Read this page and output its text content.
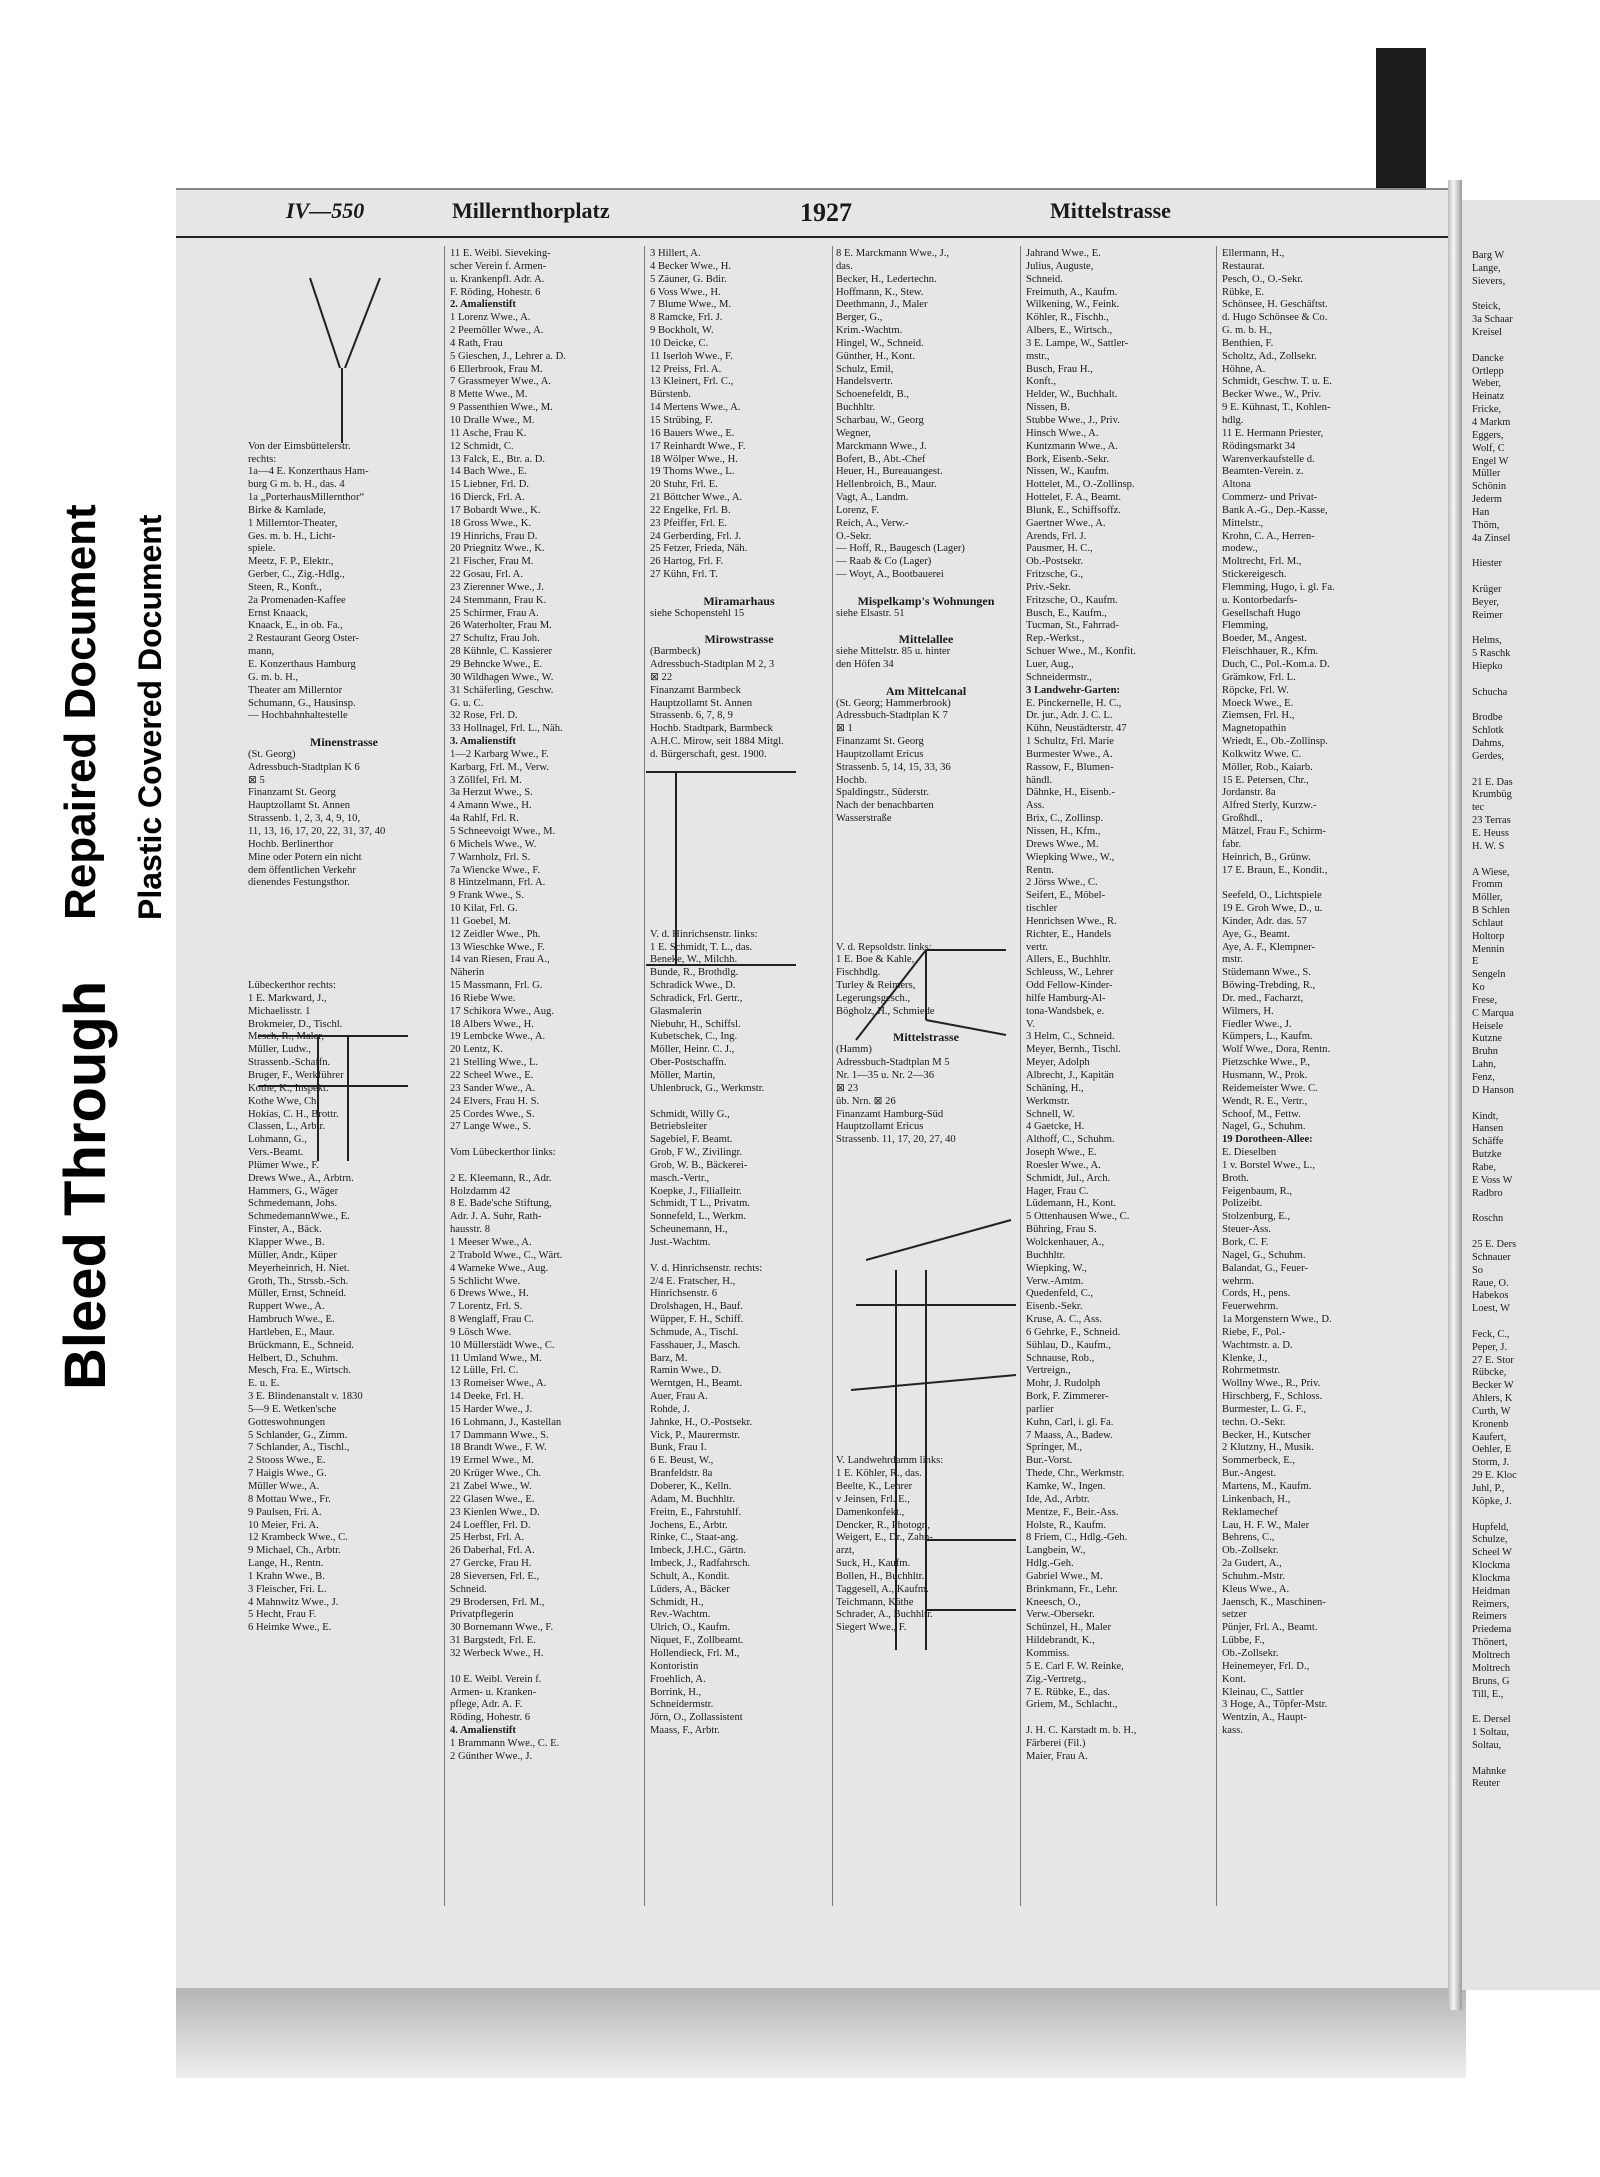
Bleed Through
Repaired Document Plastic Covered Document
IV—550	Millernthorplatz	1927	Mittelstrasse
Von der Eimsbüttelerstr.
rechts:
1a—4 E. Konzerthaus Ham-
burg G m. b. H., das. 4
1a „PorterhausMillernthor“
Birke & Kamlade,
1 Millerntor-Theater,
Ges. m. b. H., Licht-
spiele.
Meetz, F. P., Elektr.,
Gerber, C., Zig.-Hdlg.,
Steen, R., Konft.,
2a Promenaden-Kaffee
Ernst Knaack,
Knaack, E., in ob. Fa.,
2 Restaurant Georg Oster-
mann,
E. Konzerthaus Hamburg
G. m. b. H.,
Theater am Millerntor
Schumann, G., Hausinsp.
— Hochbahnhaltestelle
Minenstrasse
(St. Georg)
Adressbuch-Stadtplan K 6
⊠ 5
Finanzamt St. Georg
Hauptzollamt St. Annen
Strassenb. 1, 2, 3, 4, 9, 10,
11, 13, 16, 17, 20, 22, 31, 37, 40
Hochb. Berlinerthor
Mine oder Potern ein nicht
dem öffentlichen Verkehr
dienendes Festungsthor.
Lübeckerthor rechts:
1 E. Markward, J.,
Michaelisstr. 1
Brokmeier, D., Tischl.
Mesch, R., Maler,
Müller, Ludw.,
Strassenb.-Schaffn.
Bruger, F., Werkführer
Kothe, K., Inspekt.
Kothe Wwe, Ch.
Hokias, C. H., Brottr.
Classen, L., Arbtr.
Lohmann, G.,
Vers.-Beamt.
Plümer Wwe., F.
Drews Wwe., A., Arbtrn.
Hammers, G., Wäger
Schmedemann, Johs.
SchmedemannWwe., E.
Finster, A., Bäck.
Klapper Wwe., B.
Müller, Andr., Küper
Meyerheinrich, H. Niet.
Groth, Th., Strssb.-Sch.
Müller, Ernst, Schneid.
Ruppert Wwe., A.
Hambruch Wwe., E.
Hartleben, E., Maur.
Brückmann, E., Schneid.
Helbert, D., Schuhm.
Mesch, Fra. E., Wirtsch.
E. u. E.
3 E. Blindenanstalt v. 1830
5—9 E. Wetken'sche
Gotteswohnungen
5 Schlander, G., Zimm.
7 Schlander, A., Tischl.,
2 Stooss Wwe., E.
7 Haigis Wwe., G.
Müller Wwe., A.
8 Mottau Wwe., Fr.
9 Paulsen, Fri. A.
10 Meier, Fri. A.
12 Krambeck Wwe., C.
9 Michael, Ch., Arbtr.
Lange, H., Rentn.
1 Krahn Wwe., B.
3 Fleischer, Fri. L.
4 Mahnwitz Wwe., J.
5 Hecht, Frau F.
6 Heimke Wwe., E.
11 E. Weibl. Sieveking-
scher Verein f. Armen-
u. Krankenpfl. Adr. A.
F. Röding, Hohestr. 6
2. Amalienstift
1 Lorenz Wwe., A.
2 Peemöller Wwe., A.
4 Rath, Frau
5 Gieschen, J., Lehrer a. D.
6 Ellerbrook, Frau M.
7 Grassmeyer Wwe., A.
8 Mette Wwe., M.
9 Passenthien Wwe., M.
10 Dralle Wwe., M.
11 Asche, Frau K.
12 Schmidt, C.
13 Falck, E., Btr. a. D.
14 Bach Wwe., E.
15 Liebner, Frl. D.
16 Dierck, Frl. A.
17 Bobardt Wwe., K.
18 Gross Wwe., K.
19 Hinrichs, Frau D.
20 Priegnitz Wwe., K.
21 Fischer, Frau M.
22 Gosau, Frl. A.
23 Zierenner Wwe., J.
24 Stemmann, Frau K.
25 Schirmer, Frau A.
26 Waterholter, Frau M.
27 Schultz, Frau Joh.
28 Kühnle, C. Kassierer
29 Behncke Wwe., E.
30 Wildhagen Wwe., W.
31 Schäferling, Geschw.
G. u. C.
32 Rose, Frl. D.
33 Hollnagel, Frl. L., Näh.
3. Amalienstift
1—2 Karbarg Wwe., F.
Karbarg, Frl. M., Verw.
3 Zöllfel, Frl. M.
3a Herzut Wwe., S.
4 Amann Wwe., H.
4a Rahlf, Frl. R.
5 Schneevoigt Wwe., M.
6 Michels Wwe., W.
7 Warnholz, Frl. S.
7a Wiencke Wwe., F.
8 Hintzelmann, Frl. A.
9 Frank Wwe., S.
10 Kilat, Frl. G.
11 Goebel, M.
12 Zeidler Wwe., Ph.
13 Wieschke Wwe., F.
14 van Riesen, Frau A.,
Näherin
15 Massmann, Frl. G.
16 Riebe Wwe.
17 Schikora Wwe., Aug.
18 Albers Wwe., H.
19 Lembcke Wwe., A.
20 Lentz, K.
21 Stelling Wwe., L.
22 Scheel Wwe., E.
23 Sander Wwe., A.
24 Elvers, Frau H. S.
25 Cordes Wwe., S.
27 Lange Wwe., S.
Vom Lübeckerthor links:
2 E. Kleemann, R., Adr.
Holzdamm 42
8 E. Bade'sche Stiftung,
Adr. J. A. Suhr, Rath-
hausstr. 8
1 Meeser Wwe., A.
2 Trabold Wwe., C., Wärt.
4 Warneke Wwe., Aug.
5 Schlicht Wwe.
6 Drews Wwe., H.
7 Lorentz, Frl. S.
8 Wenglaff, Frau C.
9 Lösch Wwe.
10 Müllerstädt Wwe., C.
11 Umland Wwe., M.
12 Lülle, Frl. C.
13 Romeiser Wwe., A.
14 Deeke, Frl. H.
15 Harder Wwe., J.
16 Lohmann, J., Kastellan
17 Dammann Wwe., S.
18 Brandt Wwe., F. W.
19 Ermel Wwe., M.
20 Krüger Wwe., Ch.
21 Zabel Wwe., W.
22 Glasen Wwe., E.
23 Kienlen Wwe., D.
24 Loeffler, Frl. D.
25 Herbst, Frl. A.
26 Daberhal, Frl. A.
27 Gercke, Frau H.
28 Sieversen, Frl. E.,
Schneid.
29 Brodersen, Frl. M.,
Privatpflegerin
30 Bornemann Wwe., F.
31 Bargstedt, Frl. E.
32 Werbeck Wwe., H.
10 E. Weibl. Verein f.
Armen- u. Kranken-
pflege, Adr. A. F.
Röding, Hohestr. 6
4. Amalienstift
1 Brammann Wwe., C. E.
2 Günther Wwe., J.
3 Hillert, A.
4 Becker Wwe., H.
5 Zäuner, G. Bdir.
6 Voss Wwe., H.
7 Blume Wwe., M.
8 Ramcke, Frl. J.
9 Bockholt, W.
10 Deicke, C.
11 Iserloh Wwe., F.
12 Preiss, Frl. A.
13 Kleinert, Frl. C.,
Bürstenb.
14 Mertens Wwe., A.
15 Strübing, F.
16 Bauers Wwe., E.
17 Reinhardt Wwe., F.
18 Wölper Wwe., H.
19 Thoms Wwe., L.
20 Stuhr, Frl. E.
21 Böttcher Wwe., A.
22 Engelke, Frl. B.
23 Pfeiffer, Frl. E.
24 Gerberding, Frl. J.
25 Fetzer, Frieda, Näh.
26 Hartog, Frl. F.
27 Kühn, Frl. T.
Miramarhaus
siehe Schopenstehl 15
Mirowstrasse
(Barmbeck)
Adressbuch-Stadtplan M 2, 3
⊠ 22
Finanzamt Barmbeck
Hauptzollamt St. Annen
Strassenb. 6, 7, 8, 9
Hochb. Stadtpark, Barmbeck
A.H.C. Mirow, seit 1884 Mitgl.
d. Bürgerschaft, gest. 1900.
V. d. Hinrichsenstr. links:
1 E. Schmidt, T. L., das.
Beneke, W., Milchh.
Bunde, R., Brothdlg.
Schradick Wwe., D.
Schradick, Frl. Gertr.,
Glasmalerin
Niebuhr, H., Schiffsl.
Kubetschek, C., Ing.
Möller, Heinr. C. J.,
Ober-Postschaffn.
Möller, Martin,
Uhlenbruck, G., Werkmstr.
Schmidt, Willy G.,
Betriebsleiter
Sagebiel, F. Beamt.
Grob, F W., Zivilingr.
Grob, W. B., Bäckerei-
masch.-Vertr.,
Koepke, J., Filialleitr.
Schmidt, T L., Privatm.
Sonnefeld, L., Werkm.
Scheunemann, H.,
Just.-Wachtm.
V. d. Hinrichsenstr. rechts:
2/4 E. Fratscher, H.,
Hinrichsenstr. 6
Drolshagen, H., Bauf.
Wüpper, F. H., Schiff.
Schmude, A., Tischl.
Fasshauer, J., Masch.
Barz, M.
Ramin Wwe., D.
Werntgen, H., Beamt.
Auer, Frau A.
Rohde, J.
Jahnke, H., O.-Postsekr.
Vick, P., Maurermstr.
Bunk, Frau I.
6 E. Beust, W.,
Branfeldstr. 8a
Doberer, K., Kelln.
Adam, M. Buchhltr.
Freitn, E., Fahrstuhlf.
Jochens, E., Arbtr.
Rinke, C., Staat-ang.
Imbeck, J.H.C., Gärtn.
Imbeck, J., Radfahrsch.
Schult, A., Kondit.
Lüders, A., Bäcker
Schmidt, H.,
Rev.-Wachtm.
Ulrich, O., Kaufm.
Niquet, F., Zollbeamt.
Hollendieck, Frl. M.,
Kontoristin
Froehlich, A.
Borrink, H.,
Schneidermstr.
Jörn, O., Zollassistent
Maass, F., Arbtr.
8 E. Marckmann Wwe., J.,
das.
Becker, H., Ledertechn.
Hoffmann, K., Stew.
Deethmann, J., Maler
Berger, G.,
Krim.-Wachtm.
Hingel, W., Schneid.
Günther, H., Kont.
Schulz, Emil,
Handelsvertr.
Schoenefeldt, B.,
Buchhltr.
Scharbau, W., Georg
Wegner,
Marckmann Wwe., J.
Bofert, B., Abt.-Chef
Heuer, H., Bureauangest.
Hellenbroich, B., Maur.
Vagt, A., Landm.
Lorenz, F.
Reich, A., Verw.-
O.-Sekr.
— Hoff, R., Baugesch (Lager)
— Raab & Co (Lager)
— Woyt, A., Bootbauerei
Mispelkamp's Wohnungen
siehe Elsastr. 51
Mittelallee
siehe Mittelstr. 85 u. hinter
den Höfen 34
Am Mittelcanal
(St. Georg; Hammerbrook)
Adressbuch-Stadtplan K 7
⊠ 1
Finanzamt St. Georg
Hauptzollamt Ericus
Strassenb. 5, 14, 15, 33, 36
Hochb.
Spaldingstr., Süderstr.
Nach der benachbarten
Wasserstraße
V. d. Repsoldstr. links:
1 E. Boe & Kahle,
Fischhdlg.
Turley & Reimers,
Legerungsgesch.,
Bögholz, H., Schmiede
Mittelstrasse
(Hamm)
Adressbuch-Stadtplan M 5
Nr. 1—35 u. Nr. 2—36
⊠ 23
üb. Nrn. ⊠ 26
Finanzamt Hamburg-Süd
Hauptzollamt Ericus
Strassenb. 11, 17, 20, 27, 40
V. Landwehrdamm links:
1 E. Köhler, R., das.
Beelte, K., Lehrer
v Jeinsen, Frl. E.,
Damenkonfekt.,
Dencker, R., Photogr.,
Weigert, E., Dr., Zahn-
arzt,
Suck, H., Kaufm.
Bollen, H., Buchhltr.
Taggesell, A., Kaufm.
Teichmann, Käthe
Schrader, A., Buchhltr.
Siegert Wwe., F.
Jahrand Wwe., E.
Julius, Auguste,
Schneid.
Freimuth, A., Kaufm.
Wilkening, W., Feink.
Köhler, R., Fischh.,
Albers, E., Wirtsch.,
3 E. Lampe, W., Sattler-
mstr.,
Busch, Frau H.,
Konft.,
Helder, W., Buchhalt.
Nissen, B.
Stubbe Wwe., J., Priv.
Hinsch Wwe., A.
Kuntzmann Wwe., A.
Bork, Eisenb.-Sekr.
Nissen, W., Kaufm.
Hottelet, M., O.-Zollinsp.
Hottelet, F. A., Beamt.
Blunk, E., Schiffsoffz.
Gaertner Wwe., A.
Arends, Frl. J.
Pausmer, H. C.,
Ob.-Postsekr.
Fritzsche, G.,
Priv.-Sekr.
Fritzsche, O., Kaufm.
Busch, E., Kaufm.,
Tucman, St., Fahrrad-
Rep.-Werkst.,
Schuer Wwe., M., Konfit.
Luer, Aug.,
Schneidermstr.,
3 Landwehr-Garten:
E. Pinckernelle, H. C.,
Dr. jur., Adr. J. C. L.
Kühn, Neustädterstr. 47
1 Schultz, Frl. Marie
Burmester Wwe., A.
Rassow, F., Blumen-
händl.
Dähnke, H., Eisenb.-
Ass.
Brix, C., Zollinsp.
Nissen, H., Kfm.,
Drews Wwe., M.
Wiepking Wwe., W.,
Rentn.
2 Jörss Wwe., C.
Seifert, E., Möbel-
tischler
Henrichsen Wwe., R.
Richter, E., Handels
vertr.
Allers, E., Buchhltr.
Schleuss, W., Lehrer
Odd Fellow-Kinder-
hilfe Hamburg-Al-
tona-Wandsbek, e.
V.
3 Helm, C., Schneid.
Meyer, Bernh., Tischl.
Meyer, Adolph
Albrecht, J., Kapitän
Schäning, H.,
Werkmstr.
Schnell, W.
4 Gaetcke, H.
Althoff, C., Schuhm.
Joseph Wwe., E.
Roesler Wwe., A.
Schmidt, Jul., Arch.
Hager, Frau C.
Lüdemann, H., Kont.
5 Ottenhausen Wwe., C.
Bühring, Frau S.
Wolckenhauer, A.,
Buchhltr.
Wiepking, W.,
Verw.-Amtm.
Quedenfeld, C.,
Eisenb.-Sekr.
Kruse, A. C., Ass.
6 Gehrke, F., Schneid.
Sühlau, D., Kaufm.,
Schnause, Rob.,
Vertreign.,
Mohr, J. Rudolph
Bork, F. Zimmerer-
parlier
Kuhn, Carl, i. gl. Fa.
7 Maass, A., Badew.
Springer, M.,
Bur.-Vorst.
Thede, Chr., Werkmstr.
Kamke, W., Ingen.
Ide, Ad., Arbtr.
Mentze, F., Beir.-Ass.
Holste, R., Kaufm.
8 Friem, C., Hdlg.-Geh.
Langbein, W.,
Hdlg.-Geh.
Gabriel Wwe., M.
Brinkmann, Fr., Lehr.
Kneesch, O.,
Verw.-Obersekr.
Schünzel, H., Maler
Hildebrandt, K.,
Kommiss.
5 E. Carl F. W. Reinke,
Zig.-Vertretg.,
7 E. Rübke, E., das.
Griem, M., Schlacht.,
J. H. C. Karstadt m. b. H.,
Färberei (Fil.)
Maier, Frau A.
Ellermann, H.,
Restaurat.
Pesch, O., O.-Sekr.
Rübke, E.
Schönsee, H. Geschäftst.
d. Hugo Schönsee & Co.
G. m. b. H.,
Benthien, F.
Scholtz, Ad., Zollsekr.
Höhne, A.
Schmidt, Geschw. T. u. E.
Becker Wwe., W., Priv.
9 E. Kühnast, T., Kohlen-
hdlg.
11 E. Hermann Priester,
Rödingsmarkt 34
Warenverkaufstelle d.
Beamten-Verein. z.
Altona
Commerz- und Privat-
Bank A.-G., Dep.-Kasse,
Mittelstr.,
Krohn, C. A., Herren-
modew.,
Moltrecht, Frl. M.,
Stickereigesch.
Flemming, Hugo, i. gl. Fa.
u. Kontorbedarfs-
Gesellschaft Hugo
Flemming,
Boeder, M., Angest.
Fleischhauer, R., Kfm.
Duch, C., Pol.-Kom.a. D.
Grämkow, Frl. L.
Röpcke, Frl. W.
Moeck Wwe., E.
Ziemsen, Frl. H.,
Magnetopathin
Wriedt, E., Ob.-Zollinsp.
Kolkwitz Wwe. C.
Möller, Rob., Kaiarb.
15 E. Petersen, Chr.,
Jordanstr. 8a
Alfred Sterly, Kurzw.-
Großhdl.,
Mätzel, Frau F., Schirm-
fabr.
Heinrich, B., Grünw.
17 E. Braun, E., Kondit.,
Seefeld, O., Lichtspiele
19 E. Groh Wwe, D., u.
Kinder, Adr. das. 57
Aye, G., Beamt.
Aye, A. F., Klempner-
mstr.
Stüdemann Wwe., S.
Böwing-Trebding, R.,
Dr. med., Facharzt,
Wilmers, H.
Fiedler Wwe., J.
Kümpers, L., Kaufm.
Wolf Wwe., Dora, Rentn.
Pietzschke Wwe., P.,
Husmann, W., Prok.
Reidemeister Wwe. C.
Wendt, R. E., Vertr.,
Schoof, M., Fettw.
Nagel, G., Schuhm.
19 Dorotheen-Allee:
E. Dieselben
1 v. Borstel Wwe., L.,
Broth.
Feigenbaum, R.,
Polizeibt.
Stolzenburg, E.,
Steuer-Ass.
Bork, C. F.
Nagel, G., Schuhm.
Balandat, G., Feuer-
wehrm.
Cords, H., pens.
Feuerwehrm.
1a Morgenstern Wwe., D.
Riebe, F., Pol.-
Wachtmstr. a. D.
Klenke, J.,
Rohrmetmstr.
Wollny Wwe., R., Priv.
Hirschberg, F., Schloss.
Burmester, L. G. F.,
techn. O.-Sekr.
Becker, H., Kutscher
2 Klutzny, H., Musik.
Sommerbeck, E.,
Bur.-Angest.
Martens, M., Kaufm.
Linkenbach, H.,
Reklamechef
Lau, H. F. W., Maler
Behrens, C.,
Ob.-Zollsekr.
2a Gudert, A.,
Schuhm.-Mstr.
Kleus Wwe., A.
Jaensch, K., Maschinen-
setzer
Pünjer, Frl. A., Beamt.
Lübbe, F.,
Ob.-Zollsekr.
Heinemeyer, Frl. D.,
Kont.
Kleinau, C., Sattler
3 Hoge, A., Töpfer-Mstr.
Wentzin, A., Haupt-
kass.
Barg W
Lange,
Sievers,
Steick,
3a Schaar
Kreisel
Dancke
Ortlepp
Weber,
Heinatz
Fricke,
4 Markm
Eggers,
Wolf, C
Engel W
Müller
Schönin
Jederm
Han
Thöm,
4a Zinsel
Hiester
Krüger
Beyer,
Reimer
Helms,
5 Raschk
Hiepko
Schucha
Brodbe
Schlotk
Dahms,
Gerdes,
21 E. Das
Krumbüg
tec
23 Terras
E. Heuss
H. W. S
A Wiese,
Fromm
Möller,
B Schlen
Schlaut
Holtorp
Mennin
E
Sengeln
Ko
Frese,
C Marqua
Heisele
Kutzne
Bruhn
Lahn,
Fenz,
D Hanson
Kindt,
Hansen
Schäffe
Butzke
Rabe,
E Voss W
Radbro
Roschn
25 E. Ders
Schnauer
So
Raue, O.
Habekos
Loest, W
Feck, C.,
Peper, J.
27 E. Stor
Rübcke,
Becker W
Ahlers, K
Curth, W
Kronenb
Kaufert,
Oehler, E
Storm, J.
29 E. Kloc
Juhl, P.,
Köpke, J.
Hupfeld,
Schulze,
Scheel W
Klockma
Klockma
Heidman
Reimers,
Reimers
Priedema
Thönert,
Moltrech
Moltrech
Bruns, G
Till, E.,
E. Dersel
1 Soltau,
Soltau,
Mahnke
Reuter
